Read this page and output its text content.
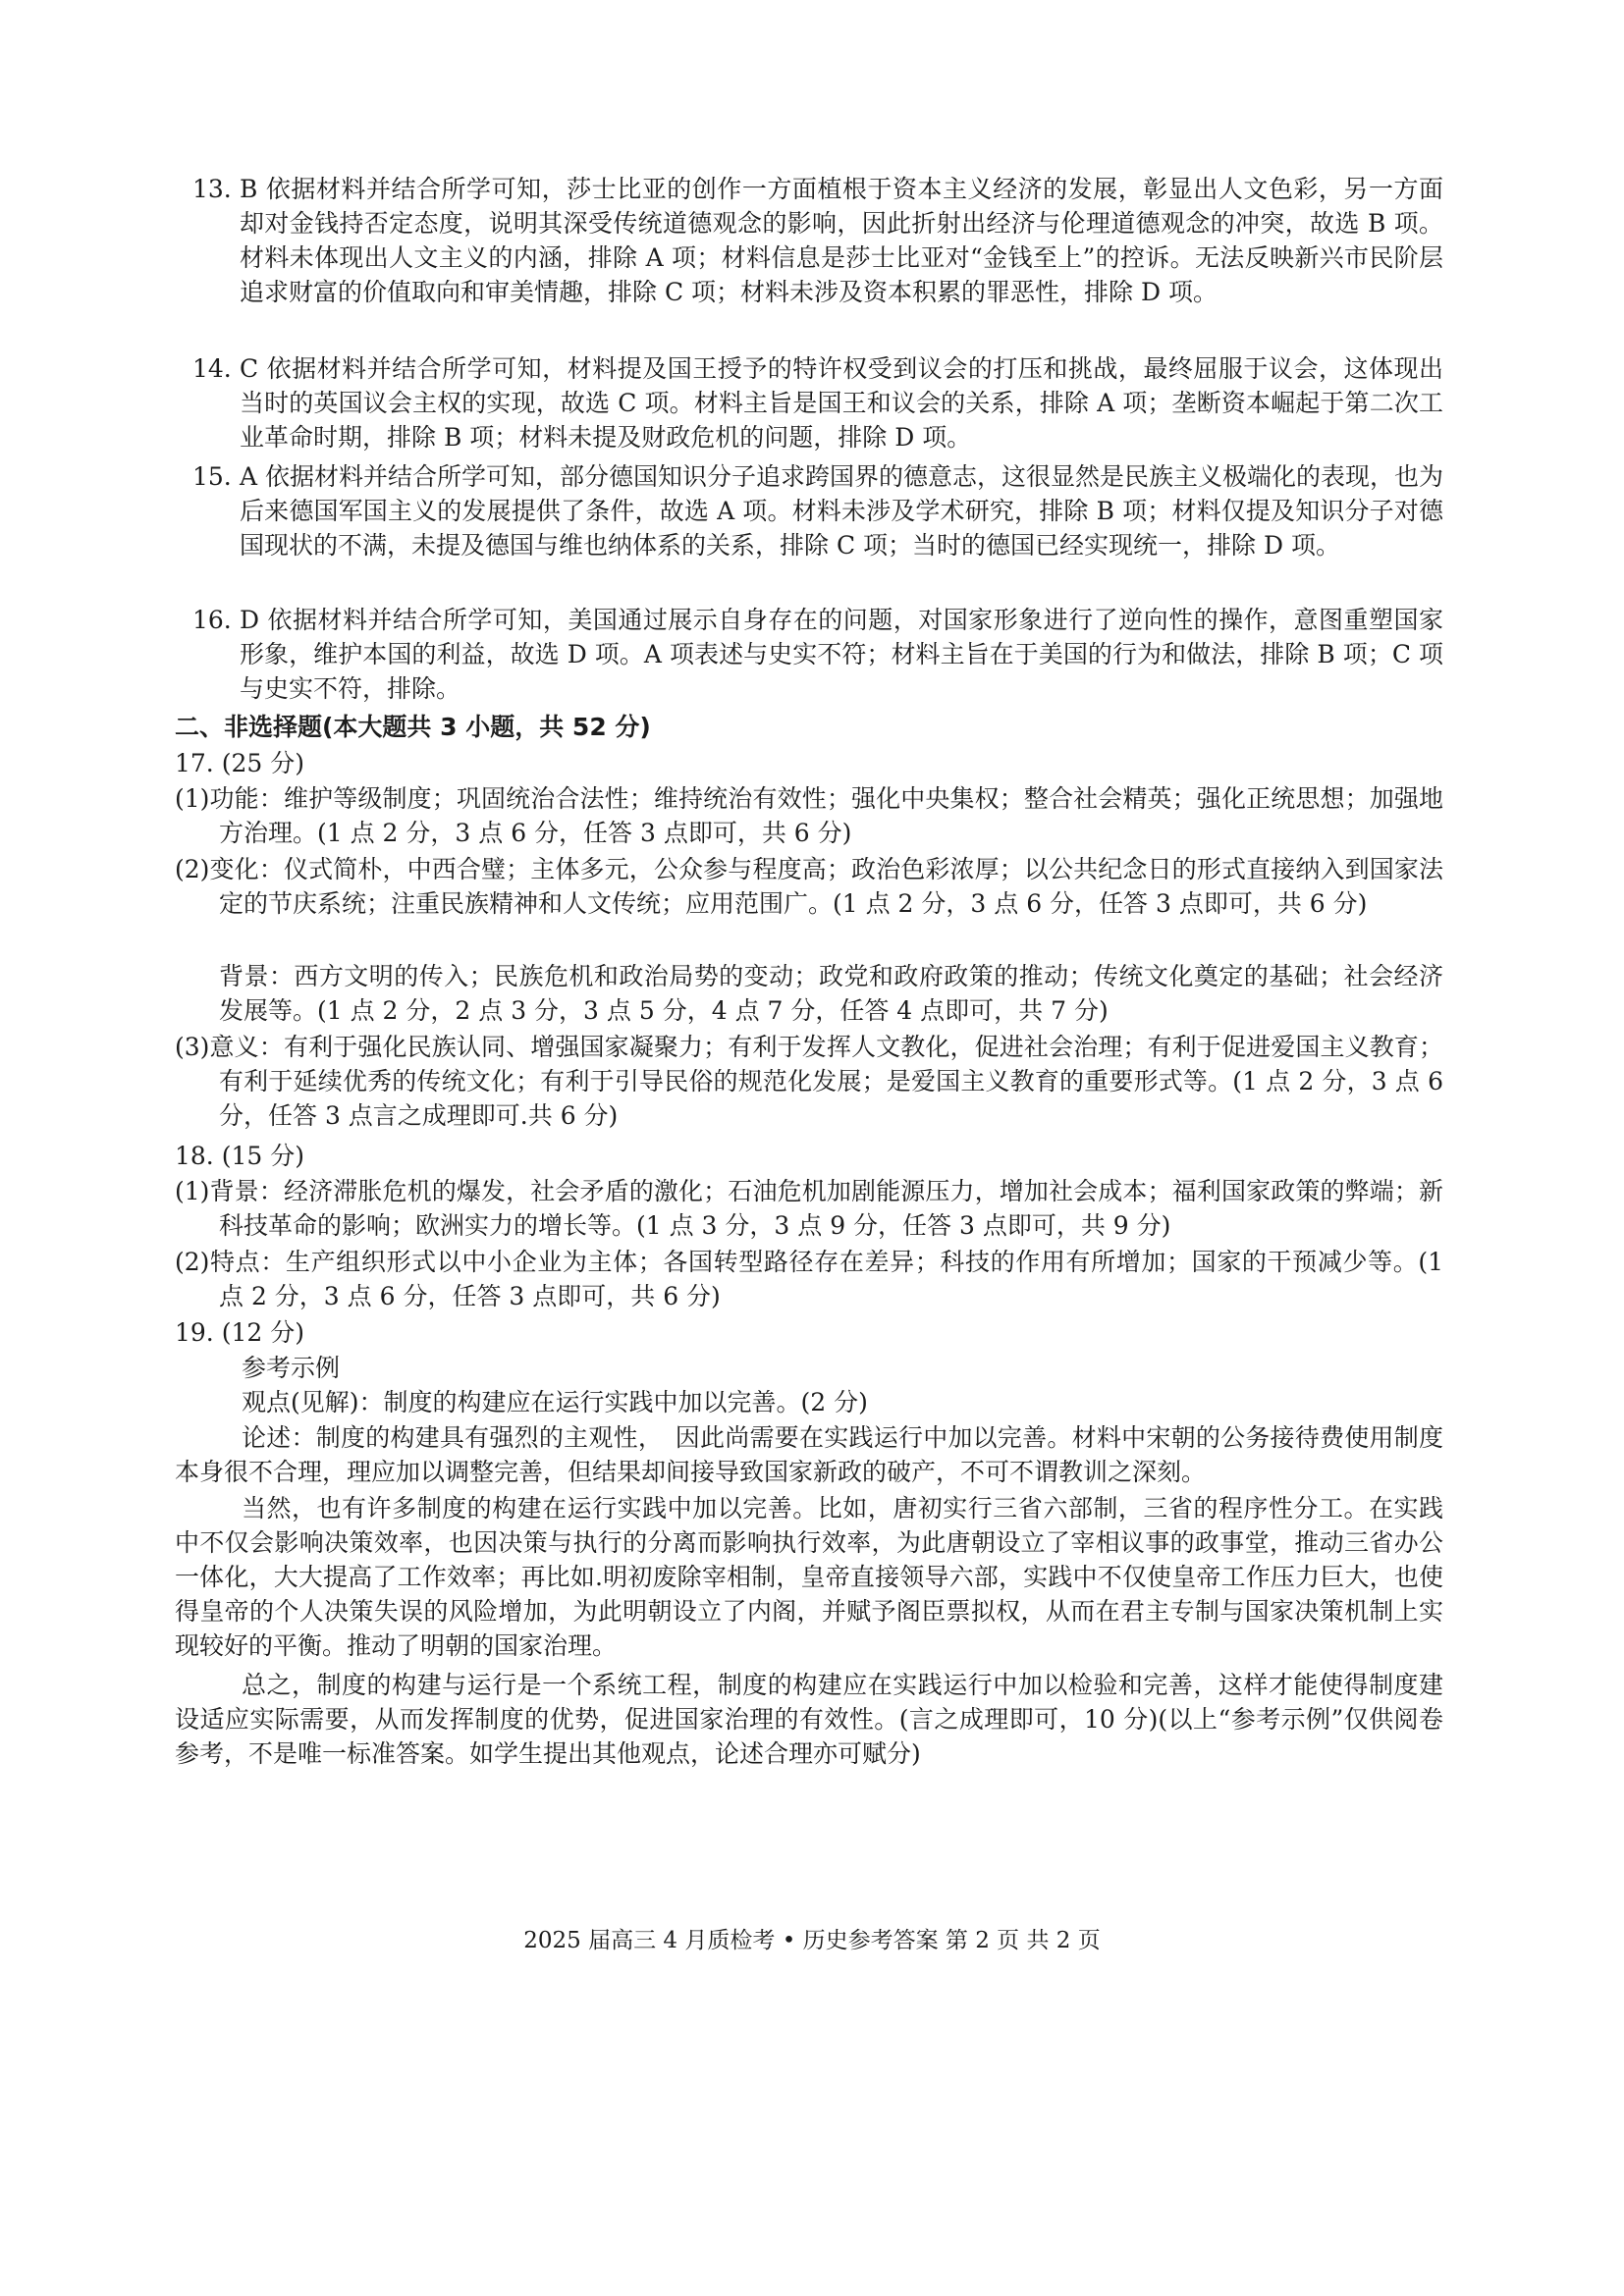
13. B 依据材料并结合所学可知，莎士比亚的创作一方面植根于资本主义经济的发展，彰显出人文色彩，另一方面却对金钱持否定态度，说明其深受传统道德观念的影响，因此折射出经济与伦理道德观念的冲突，故选 B 项。材料未体现出人文主义的内涵，排除 A 项；材料信息是莎士比亚对“金钱至上”的控诉。无法反映新兴市民阶层追求财富的价值取向和审美情趣，排除 C 项；材料未涉及资本积累的罪恶性，排除 D 项。
14. C 依据材料并结合所学可知，材料提及国王授予的特许权受到议会的打压和挑战，最终屈服于议会，这体现出当时的英国议会主权的实现，故选 C 项。材料主旨是国王和议会的关系，排除 A 项；垄断资本崛起于第二次工业革命时期，排除 B 项；材料未提及财政危机的问题，排除 D 项。
15. A 依据材料并结合所学可知，部分德国知识分子追求跨国界的德意志，这很显然是民族主义极端化的表现，也为后来德国军国主义的发展提供了条件，故选 A 项。材料未涉及学术研究，排除 B 项；材料仅提及知识分子对德国现状的不满，未提及德国与维也纳体系的关系，排除 C 项；当时的德国已经实现统一，排除 D 项。
16. D 依据材料并结合所学可知，美国通过展示自身存在的问题，对国家形象进行了逆向性的操作，意图重塑国家形象，维护本国的利益，故选 D 项。A 项表述与史实不符；材料主旨在于美国的行为和做法，排除 B 项；C 项与史实不符，排除。
二、非选择题(本大题共 3 小题，共 52 分)
17. (25 分)
(1)功能：维护等级制度；巩固统治合法性；维持统治有效性；强化中央集权；整合社会精英；强化正统思想；加强地方治理。(1 点 2 分，3 点 6 分，任答 3 点即可，共 6 分)
(2)变化：仪式简朴，中西合璧；主体多元，公众参与程度高；政治色彩浓厚；以公共纪念日的形式直接纳入到国家法定的节庆系统；注重民族精神和人文传统；应用范围广。(1 点 2 分，3 点 6 分，任答 3 点即可，共 6 分)
背景：西方文明的传入；民族危机和政治局势的变动；政党和政府政策的推动；传统文化奠定的基础；社会经济发展等。(1 点 2 分，2 点 3 分，3 点 5 分，4 点 7 分，任答 4 点即可，共 7 分)
(3)意义：有利于强化民族认同、增强国家凝聚力；有利于发挥人文教化，促进社会治理；有利于促进爱国主义教育；有利于延续优秀的传统文化；有利于引导民俗的规范化发展；是爱国主义教育的重要形式等。(1 点 2 分，3 点 6 分，任答 3 点言之成理即可.共 6 分)
18. (15 分)
(1)背景：经济滞胀危机的爆发，社会矛盾的激化；石油危机加剧能源压力，增加社会成本；福利国家政策的弊端；新科技革命的影响；欧洲实力的增长等。(1 点 3 分，3 点 9 分，任答 3 点即可，共 9 分)
(2)特点：生产组织形式以中小企业为主体；各国转型路径存在差异；科技的作用有所增加；国家的干预减少等。(1 点 2 分，3 点 6 分，任答 3 点即可，共 6 分)
19. (12 分)
参考示例
观点(见解)：制度的构建应在运行实践中加以完善。(2 分)
论述：制度的构建具有强烈的主观性，　因此尚需要在实践运行中加以完善。材料中宋朝的公务接待费使用制度本身很不合理，理应加以调整完善，但结果却间接导致国家新政的破产，不可不谓教训之深刻。
当然，也有许多制度的构建在运行实践中加以完善。比如，唐初实行三省六部制，三省的程序性分工。在实践中不仅会影响决策效率，也因决策与执行的分离而影响执行效率，为此唐朝设立了宰相议事的政事堂，推动三省办公一体化，大大提高了工作效率；再比如.明初废除宰相制，皇帝直接领导六部，实践中不仅使皇帝工作压力巨大，也使得皇帝的个人决策失误的风险增加，为此明朝设立了内阁，并赋予阁臣票拟权，从而在君主专制与国家决策机制上实现较好的平衡。推动了明朝的国家治理。
总之，制度的构建与运行是一个系统工程，制度的构建应在实践运行中加以检验和完善，这样才能使得制度建设适应实际需要，从而发挥制度的优势，促进国家治理的有效性。(言之成理即可，10 分)(以上“参考示例”仅供阅卷参考，不是唯一标准答案。如学生提出其他观点，论述合理亦可赋分)
2025 届高三 4 月质检考 • 历史参考答案 第 2 页 共 2 页
